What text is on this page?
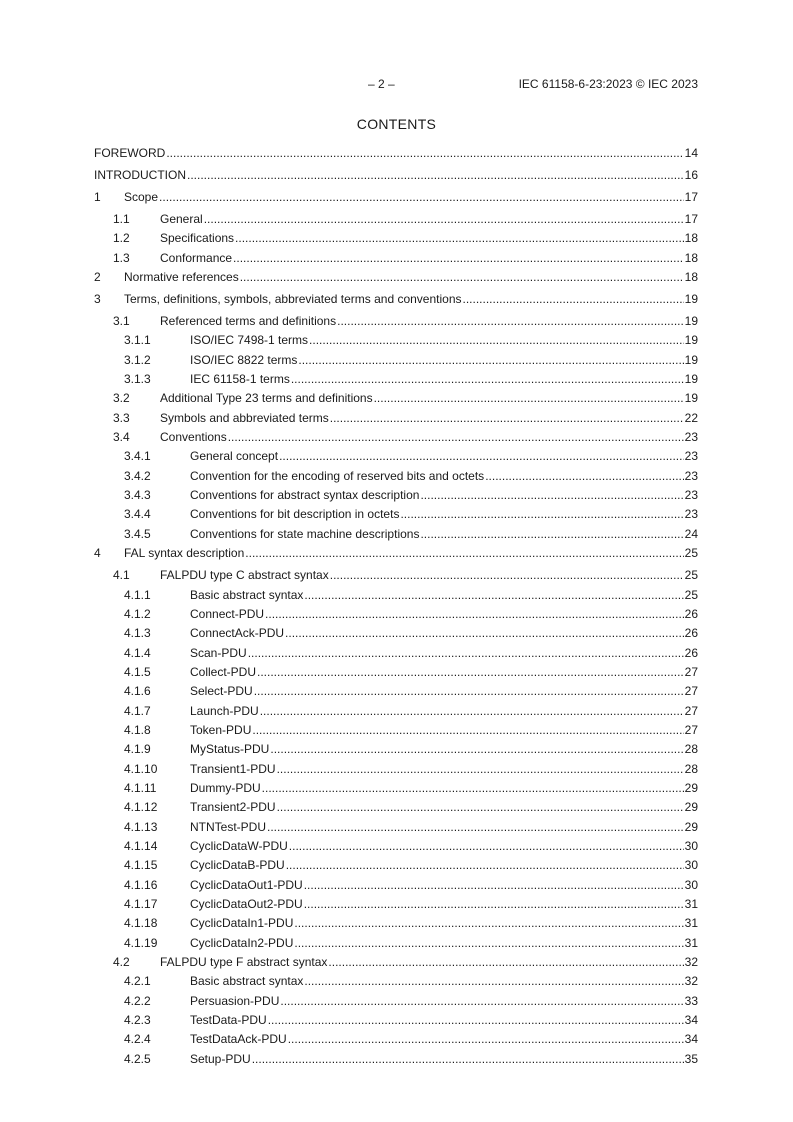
– 2 –	IEC 61158-6-23:2023 © IEC 2023
CONTENTS
FOREWORD .....	14
INTRODUCTION .....	16
1	Scope .....	17
1.1	General .....	17
1.2	Specifications .....	18
1.3	Conformance .....	18
2	Normative references .....	18
3	Terms, definitions, symbols, abbreviated terms and conventions .....	19
3.1	Referenced terms and definitions .....	19
3.1.1	ISO/IEC 7498-1 terms .....	19
3.1.2	ISO/IEC 8822 terms .....	19
3.1.3	IEC 61158-1 terms .....	19
3.2	Additional Type 23 terms and definitions .....	19
3.3	Symbols and abbreviated terms .....	22
3.4	Conventions .....	23
3.4.1	General concept .....	23
3.4.2	Convention for the encoding of reserved bits and octets .....	23
3.4.3	Conventions for abstract syntax description .....	23
3.4.4	Conventions for bit description in octets .....	23
3.4.5	Conventions for state machine descriptions .....	24
4	FAL syntax description .....	25
4.1	FALPDU type C abstract syntax .....	25
4.1.1	Basic abstract syntax .....	25
4.1.2	Connect-PDU .....	26
4.1.3	ConnectAck-PDU .....	26
4.1.4	Scan-PDU .....	26
4.1.5	Collect-PDU .....	27
4.1.6	Select-PDU .....	27
4.1.7	Launch-PDU .....	27
4.1.8	Token-PDU .....	27
4.1.9	MyStatus-PDU .....	28
4.1.10	Transient1-PDU .....	28
4.1.11	Dummy-PDU .....	29
4.1.12	Transient2-PDU .....	29
4.1.13	NTNTest-PDU .....	29
4.1.14	CyclicDataW-PDU .....	30
4.1.15	CyclicDataB-PDU .....	30
4.1.16	CyclicDataOut1-PDU .....	30
4.1.17	CyclicDataOut2-PDU .....	31
4.1.18	CyclicDataIn1-PDU .....	31
4.1.19	CyclicDataIn2-PDU .....	31
4.2	FALPDU type F abstract syntax .....	32
4.2.1	Basic abstract syntax .....	32
4.2.2	Persuasion-PDU .....	33
4.2.3	TestData-PDU .....	34
4.2.4	TestDataAck-PDU .....	34
4.2.5	Setup-PDU .....	35
